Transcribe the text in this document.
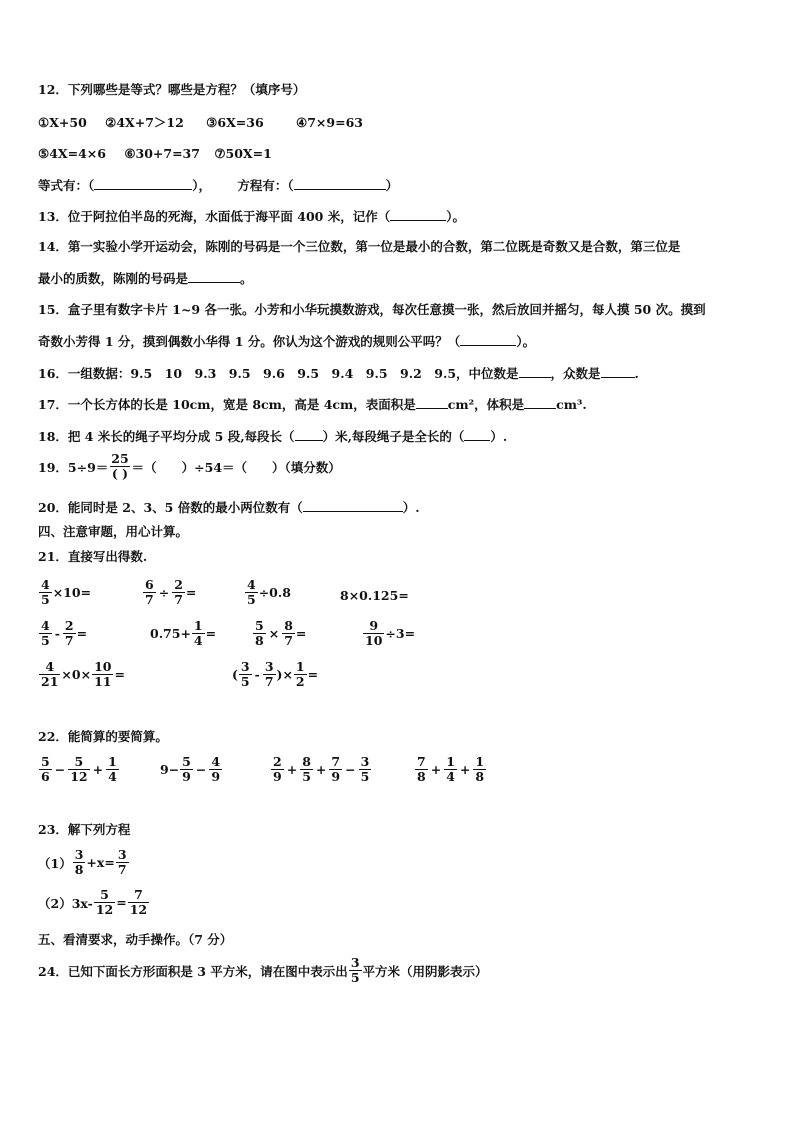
12．下列哪些是等式？哪些是方程？（填序号）
①X+50 ②4X+7＞12 ③6X=36	④7×9=63
⑤4X=4×6 ⑥30+7=37 ⑦50X=1
等式有：（	）， 方程有：（	）
13．位于阿拉伯半岛的死海，水面低于海平面 400 米，记作（	）。
14．第一实验小学开运动会，陈刚的号码是一个三位数，第一位是最小的合数，第二位既是奇数又是合数，第三位是
最小的质数，陈刚的号码是	。
15．盒子里有数字卡片 1~9 各一张。小芳和小华玩摸数游戏，每次任意摸一张，然后放回并摇匀，每人摸 50 次。摸到
奇数小芳得 1 分，摸到偶数小华得 1 分。你认为这个游戏的规则公平吗？（	）。
16．一组数据：9.5　10　9.3　9.5　9.6　9.5　9.4　9.5　9.2　9.5，中位数是	，众数是	.
17．一个长方体的长是 10cm，宽是 8cm，高是 4cm，表面积是	cm²，体积是	cm³.
18．把 4 米长的绳子平均分成 5 段,每段长（ ）米,每段绳子是全长的（ ）.
19．$5\div 9= \frac{25}{( )}$ ＝（　　）÷54＝（　　）（填分数）
20．能同时是 2、3、5 倍数的最小两位数有（	）.
四、注意审题，用心计算。
21．直接写出得数.
$\frac{4}{5} \times 10=$	$\frac{6}{7} \div \frac{2}{7}$ =	$\frac{4}{5} \div 0.8$	8×0.125=
$\frac{4}{5} - \frac{2}{7}$ =	$0.75+ \frac{1}{4}$ =	$\frac{5}{8} \times \frac{8}{7}$ =	$\frac{9}{10} \div 3=$
$\frac{4}{21} \times 0\times \frac{10}{11}$ =	( $\frac{3}{5} - \frac{3}{7}$ )× $\frac{1}{2}$ =
22．能简算的要简算。
$\frac{5}{6} - \frac{5}{12} + \frac{1}{4}$	$9- \frac{5}{9} - \frac{4}{9}$	$\frac{2}{9} + \frac{8}{5} + \frac{7}{9} - \frac{3}{5}$	$\frac{7}{8} + \frac{1}{4} + \frac{1}{8}$
23．解下列方程
$(1) \frac{3}{8} +x= \frac{3}{7}$
$(2)3x- \frac{5}{12} = \frac{7}{12}$
五、看清要求，动手操作。（7 分）
24．已知下面长方形面积是 3 平方米，请在图中表示出 $\frac{3}{5}$ 平方米（用阴影表示）
